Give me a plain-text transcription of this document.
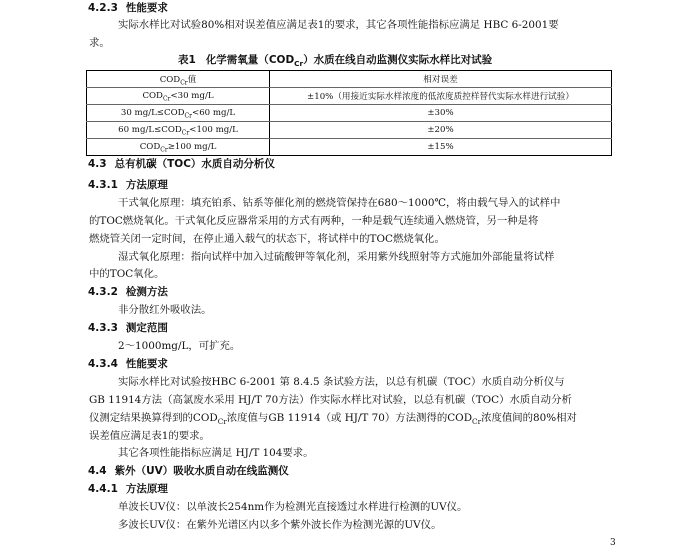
4.2.3 性能要求
实际水样比对试验80%相对误差值应满足表1的要求，其它各项性能指标应满足 HBC 6-2001要
求。
表1 化学需氧量$(COD_{Cr})$水质在线自动监测仪实际水样比对试验
$COD_{Cr}$值	相对误差
$COD_{Cr}<30$ mg/L	±10%（用接近实际水样浓度的低浓度质控样替代实际水样进行试验）
30 $mg/L\le COD_{Cr}<60$ mg/L	±30%
60 $mg/L\le COD_{Cr}<100$ mg/L	±20%
$COD_{Cr}\ge 100$ mg/L	±15%
4.3 总有机碳（TOC）水质自动分析仪
4.3.1 方法原理
干式氧化原理：填充铂系、钴系等催化剂的燃烧管保持在680～1000℃，将由载气导入的试样中
的TOC燃烧氧化。干式氧化反应器常采用的方式有两种，一种是载气连续通入燃烧管，另一种是将
燃烧管关闭一定时间，在停止通入载气的状态下，将试样中的TOC燃烧氧化。
湿式氧化原理：指向试样中加入过硫酸钾等氧化剂，采用紫外线照射等方式施加外部能量将试样
中的TOC氧化。
4.3.2 检测方法
非分散红外吸收法。
4.3.3 测定范围
2～1000mg/L，可扩充。
4.3.4 性能要求
实际水样比对试验按HBC 6-2001 第 8.4.5 条试验方法，以总有机碳（TOC）水质自动分析仪与
GB 11914方法（高氯废水采用 HJ/T 70方法）作实际水样比对试验，以总有机碳（TOC）水质自动分析
仪测定结果换算得到的$COD_{Cr}$浓度值与GB 11914（或 HJ/T 70）方法测得的$COD_{Cr}$浓度值间的80%相对
误差值应满足表1的要求。
其它各项性能指标应满足 HJ/T 104要求。
4.4 紫外（UV）吸收水质自动在线监测仪
4.4.1 方法原理
单波长UV仪：以单波长254nm作为检测光直接透过水样进行检测的UV仪。
多波长UV仪：在紫外光谱区内以多个紫外波长作为检测光源的UV仪。
3
